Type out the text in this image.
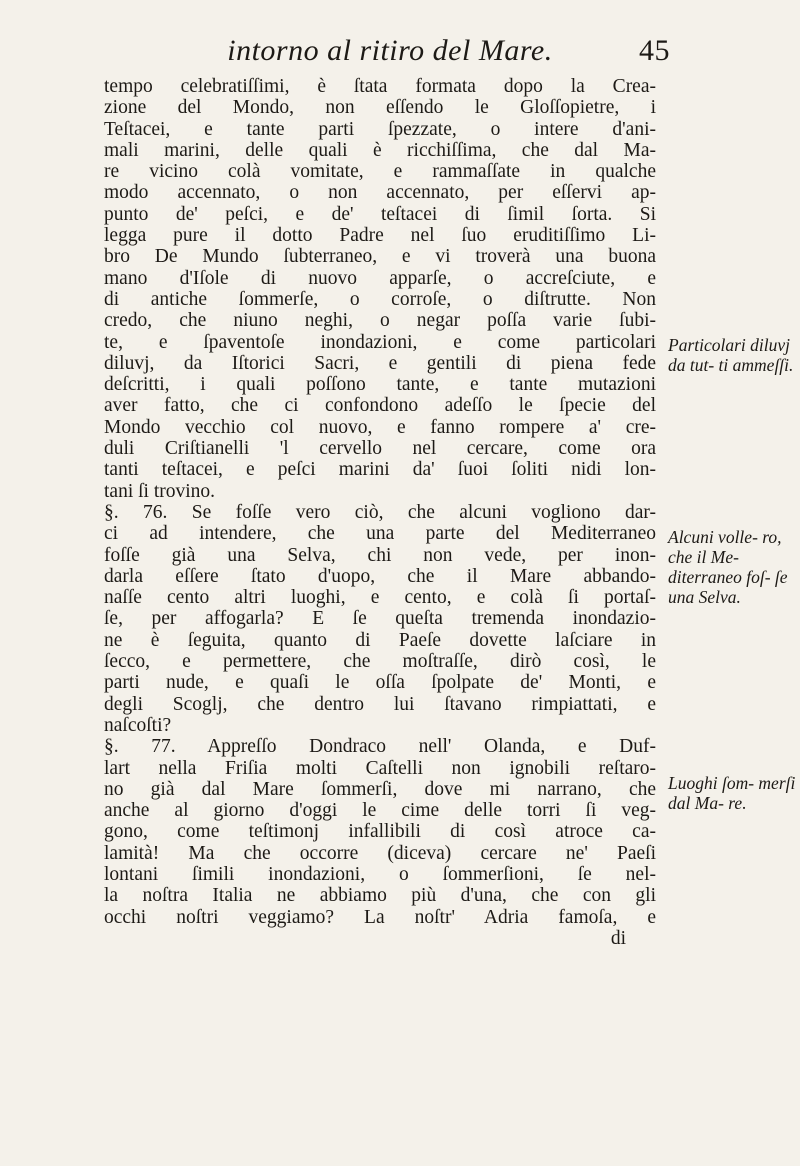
intorno al ritiro del Mare.	45
tempo celebratiſſimi, è ſtata formata dopo la Crea-
zione del Mondo, non eſſendo le Gloſſopietre, i
Teſtacei, e tante parti ſpezzate, o intere d'ani-
mali marini, delle quali è ricchiſſima, che dal Ma-
re vicino colà vomitate, e rammaſſate in qualche
modo accennato, o non accennato, per eſſervi ap-
punto de' peſci, e de' teſtacei di ſimil ſorta. Si
legga pure il dotto Padre nel ſuo eruditiſſimo Li-
bro De Mundo ſubterraneo, e vi troverà una buona
mano d'Iſole di nuovo apparſe, o accreſciute, e
di antiche ſommerſe, o corroſe, o diſtrutte. Non
credo, che niuno neghi, o negar poſſa varie ſubi-
te, e ſpaventoſe inondazioni, e come particolari
diluvj, da Iſtorici Sacri, e gentili di piena fede
deſcritti, i quali poſſono tante, e tante mutazioni
aver fatto, che ci confondono adeſſo le ſpecie del
Mondo vecchio col nuovo, e fanno rompere a' cre-
duli Criſtianelli 'l cervello nel cercare, come ora
tanti teſtacei, e peſci marini da' ſuoi ſoliti nidi lon-
tani ſi trovino.
§. 76. Se foſſe vero ciò, che alcuni vogliono dar-
ci ad intendere, che una parte del Mediterraneo
foſſe già una Selva, chi non vede, per inon-
darla eſſere ſtato d'uopo, che il Mare abbando-
naſſe cento altri luoghi, e cento, e colà ſi portaſ-
ſe, per affogarla? E ſe queſta tremenda inondazio-
ne è ſeguita, quanto di Paeſe dovette laſciare in
ſecco, e permettere, che moſtraſſe, dirò così, le
parti nude, e quaſi le oſſa ſpolpate de' Monti, e
degli Scoglj, che dentro lui ſtavano rimpiattati, e
naſcoſti?
§. 77. Appreſſo Dondraco nell' Olanda, e Duf-
lart nella Friſia molti Caſtelli non ignobili reſtaro-
no già dal Mare ſommerſi, dove mi narrano, che
anche al giorno d'oggi le cime delle torri ſi veg-
gono, come teſtimonj infallibili di così atroce ca-
lamità! Ma che occorre (diceva) cercare ne' Paeſi
lontani ſimili inondazioni, o ſommerſioni, ſe nel-
la noſtra Italia ne abbiamo più d'una, che con gli
occhi noſtri veggiamo? La noſtr' Adria famoſa, e
di
Particolari diluvj da tut- ti ammeſſi.
Alcuni volle- ro, che il Me- diterraneo foſ- ſe una Selva.
Luoghi ſom- merſi dal Ma- re.
